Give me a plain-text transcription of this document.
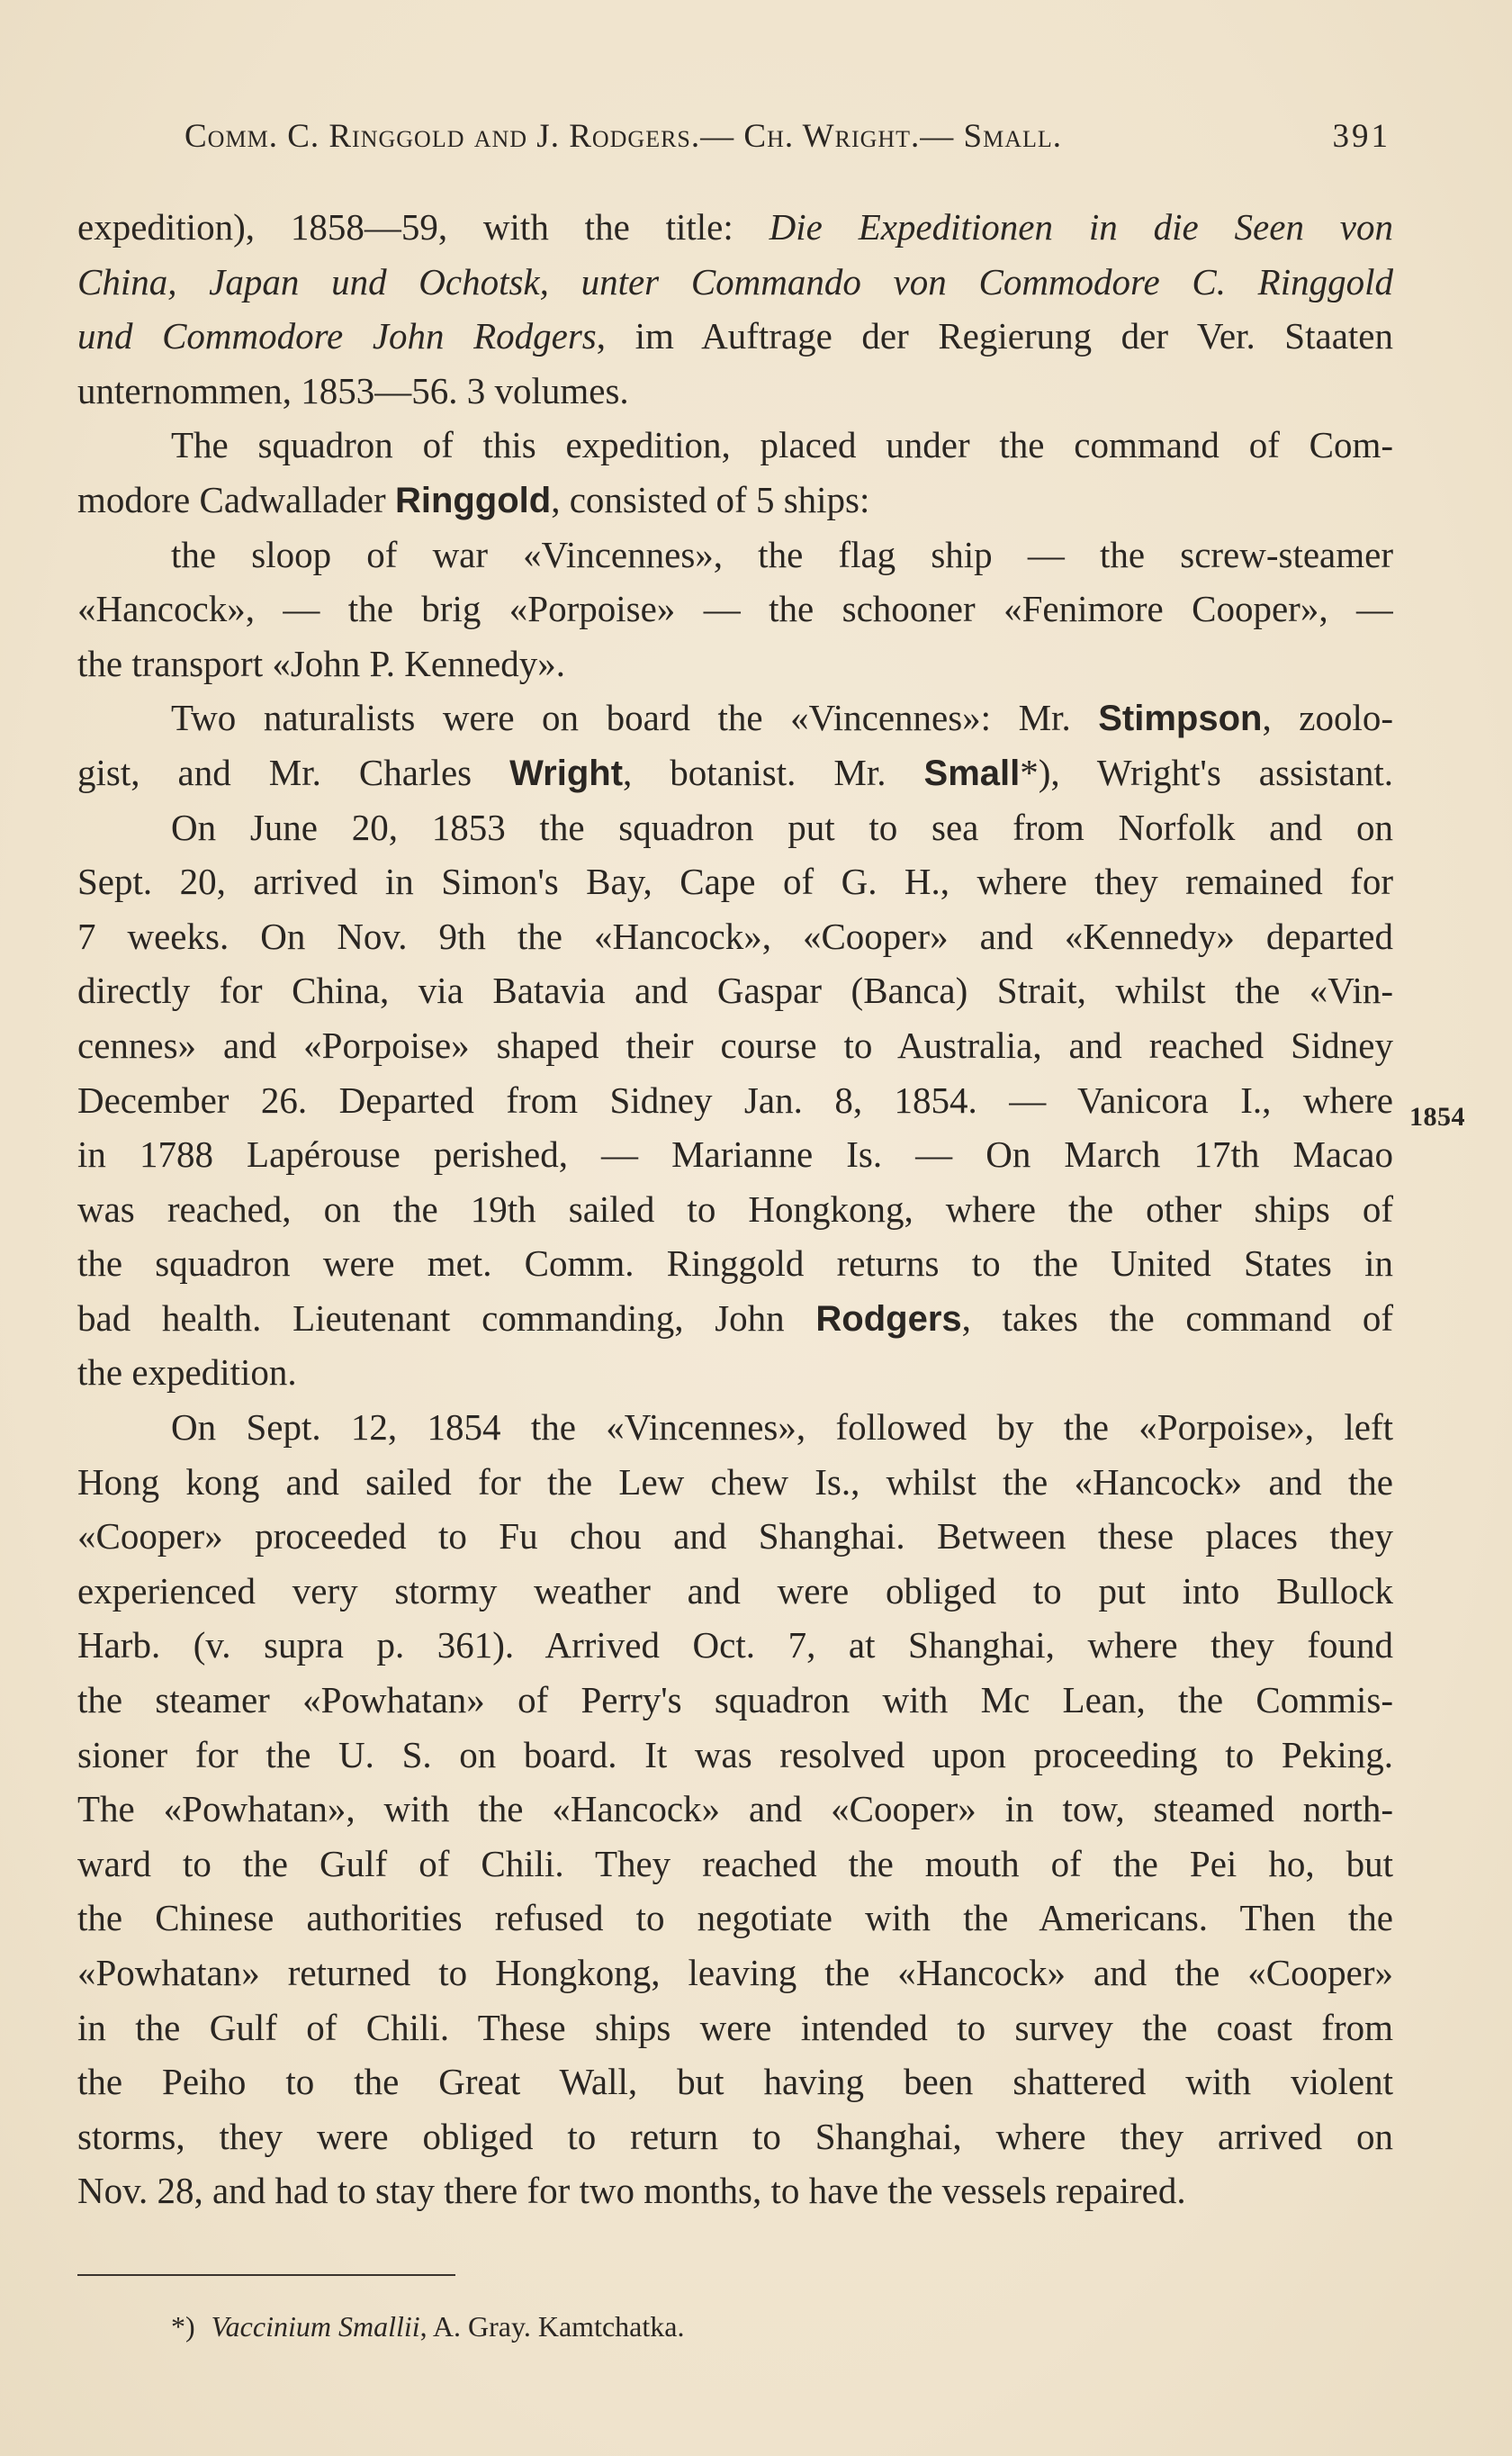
Comm. C. Ringgold and J. Rodgers.— Ch. Wright.— Small.	391
expedition), 1858—59, with the title: Die Expeditionen in die Seen von
China, Japan und Ochotsk, unter Commando von Commodore C. Ringgold
und Commodore John Rodgers, im Auftrage der Regierung der Ver. Staaten
unternommen, 1853—56. 3 volumes.
The squadron of this expedition, placed under the command of Com-
modore Cadwallader Ringgold, consisted of 5 ships:
the sloop of war «Vincennes», the flag ship — the screw-steamer
«Hancock», — the brig «Porpoise» — the schooner «Fenimore Cooper», —
the transport «John P. Kennedy».
Two naturalists were on board the «Vincennes»: Mr. Stimpson, zoolo-
gist, and Mr. Charles Wright, botanist. Mr. Small*), Wright's assistant.
On June 20, 1853 the squadron put to sea from Norfolk and on
Sept. 20, arrived in Simon's Bay, Cape of G. H., where they remained for
7 weeks. On Nov. 9th the «Hancock», «Cooper» and «Kennedy» departed
directly for China, via Batavia and Gaspar (Banca) Strait, whilst the «Vin-
cennes» and «Porpoise» shaped their course to Australia, and reached Sidney
December 26. Departed from Sidney Jan. 8, 1854. — Vanicora I., where
in 1788 Lapérouse perished, — Marianne Is. — On March 17th Macao
was reached, on the 19th sailed to Hongkong, where the other ships of
the squadron were met. Comm. Ringgold returns to the United States in
bad health. Lieutenant commanding, John Rodgers, takes the command of
the expedition.
On Sept. 12, 1854 the «Vincennes», followed by the «Porpoise», left
Hong kong and sailed for the Lew chew Is., whilst the «Hancock» and the
«Cooper» proceeded to Fu chou and Shanghai. Between these places they
experienced very stormy weather and were obliged to put into Bullock
Harb. (v. supra p. 361). Arrived Oct. 7, at Shanghai, where they found
the steamer «Powhatan» of Perry's squadron with Mc Lean, the Commis-
sioner for the U. S. on board. It was resolved upon proceeding to Peking.
The «Powhatan», with the «Hancock» and «Cooper» in tow, steamed north-
ward to the Gulf of Chili. They reached the mouth of the Pei ho, but
the Chinese authorities refused to negotiate with the Americans. Then the
«Powhatan» returned to Hongkong, leaving the «Hancock» and the «Cooper»
in the Gulf of Chili. These ships were intended to survey the coast from
the Peiho to the Great Wall, but having been shattered with violent
storms, they were obliged to return to Shanghai, where they arrived on
Nov. 28, and had to stay there for two months, to have the vessels repaired.
1854
*) Vaccinium Smallii, A. Gray. Kamtchatka.
